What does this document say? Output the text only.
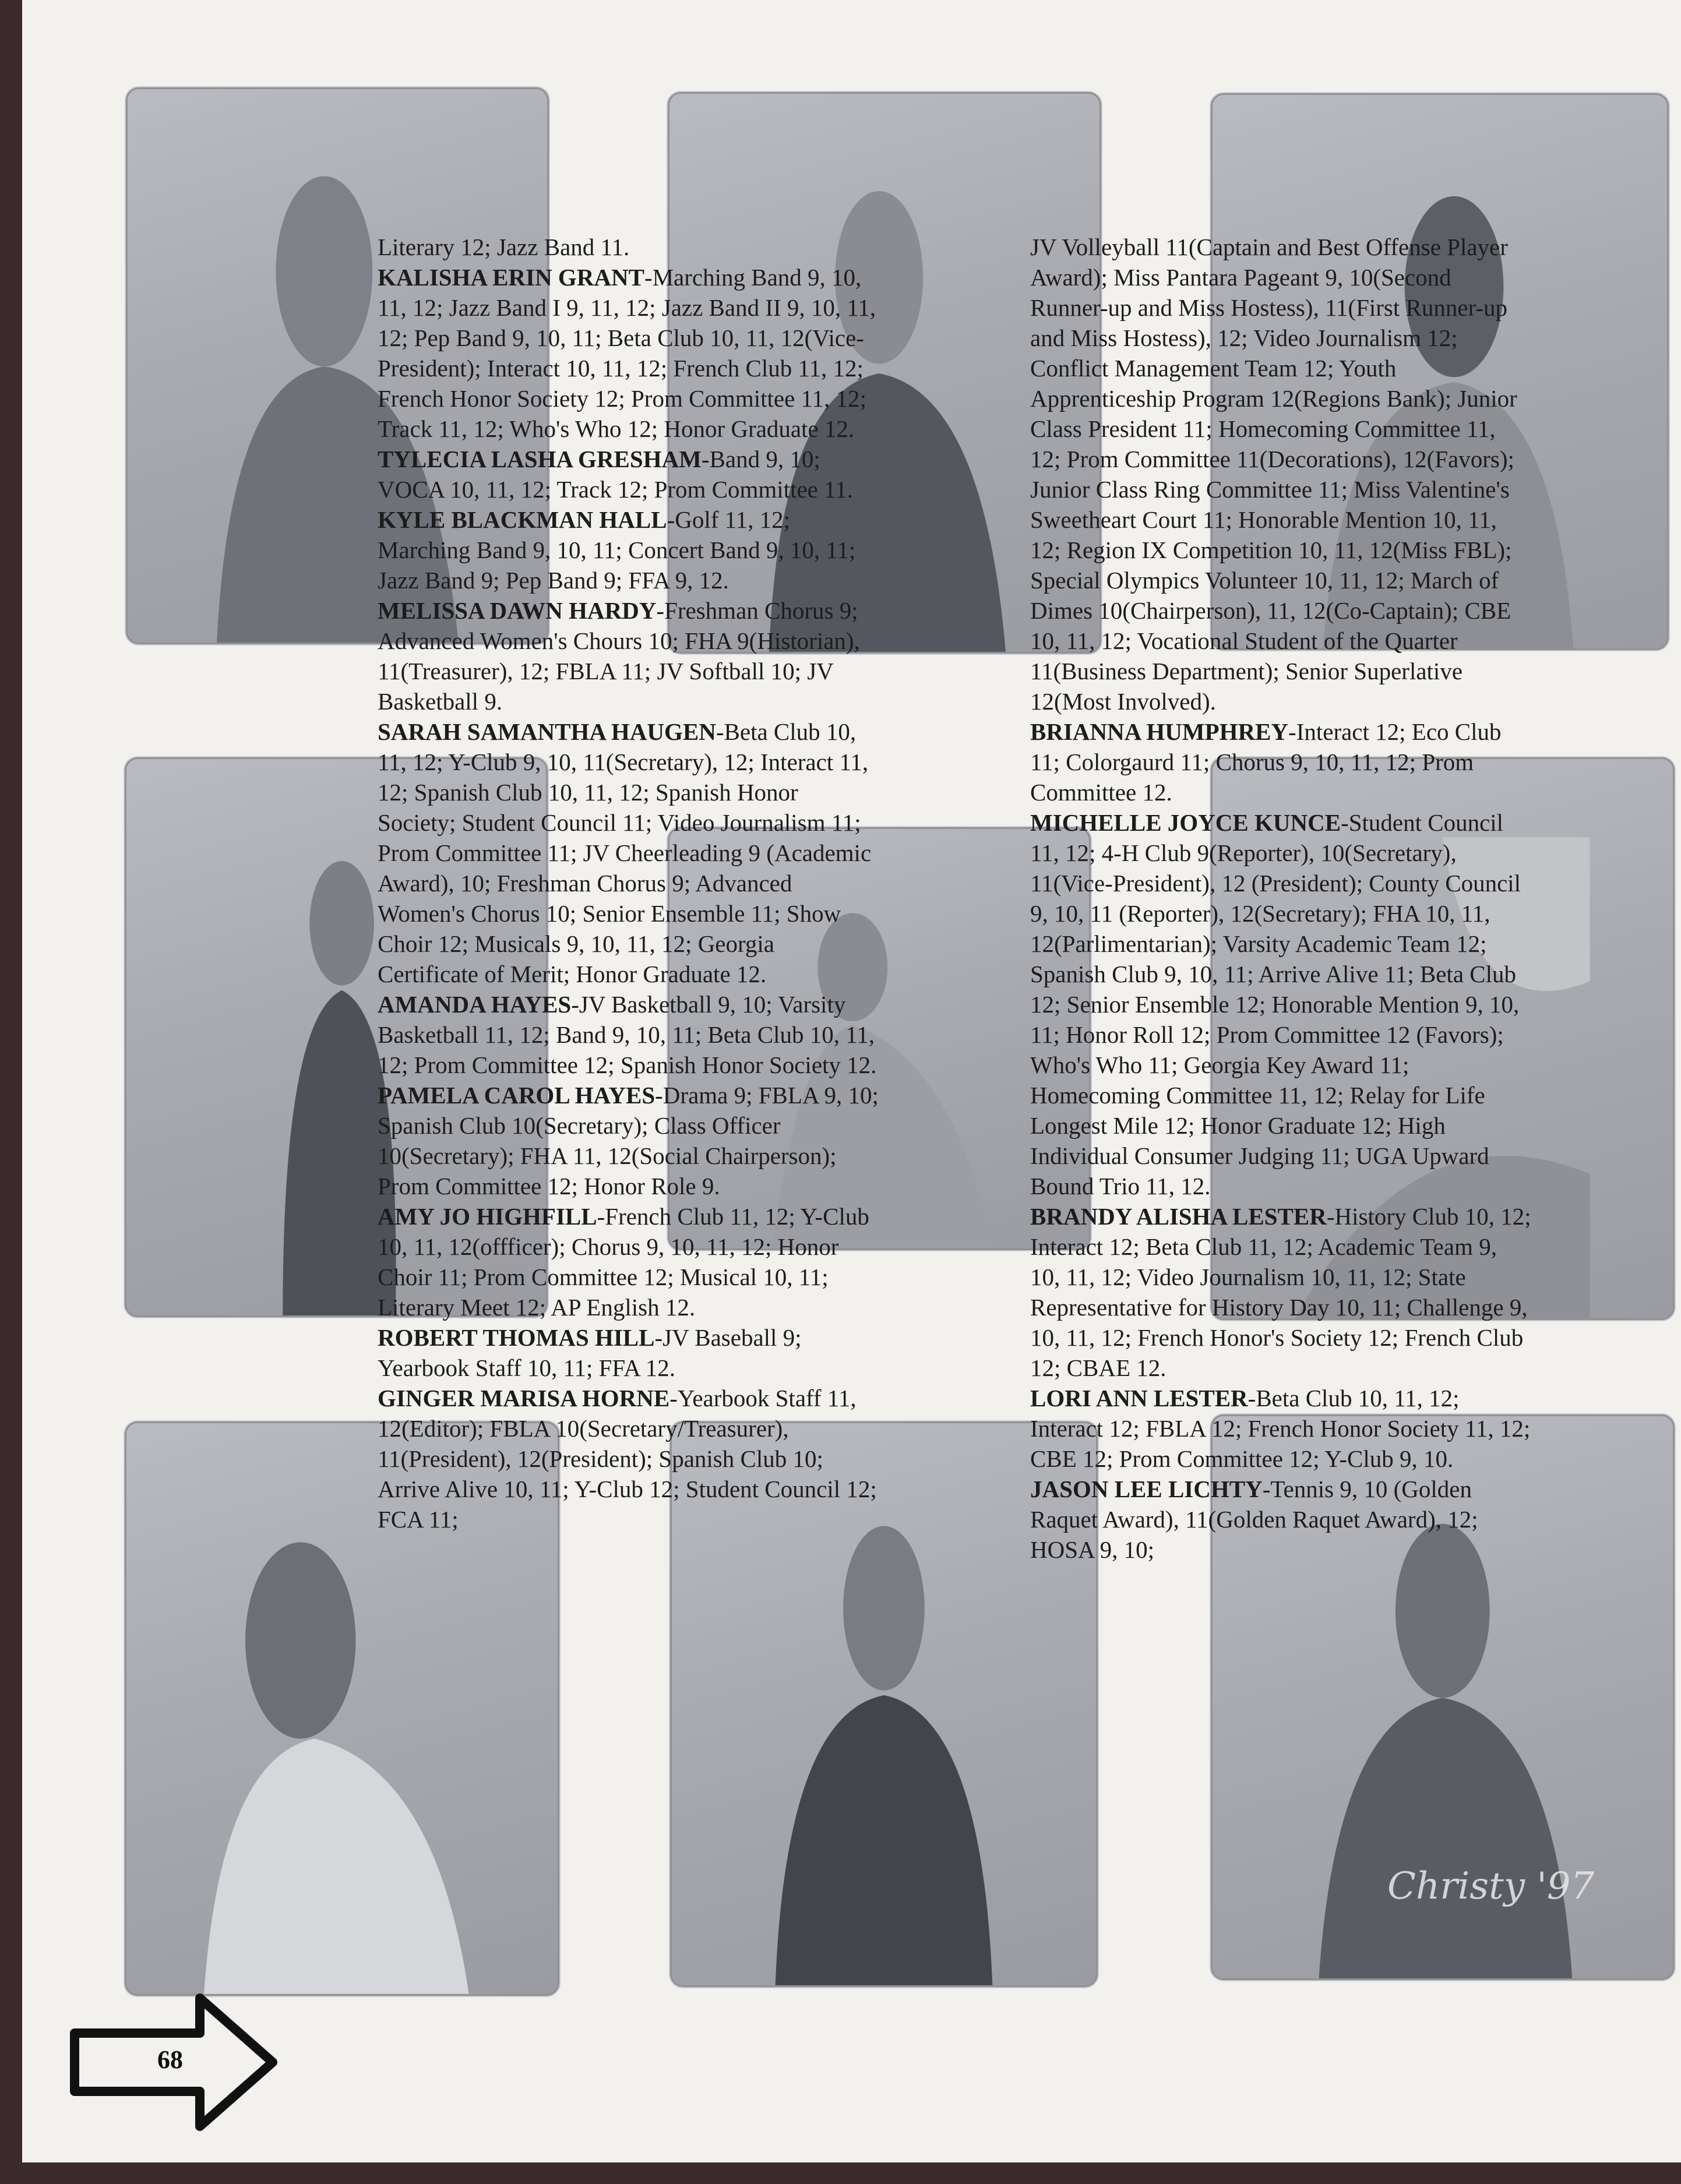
Christy '97

Literary 12; Jazz Band 11.

KALISHA ERIN GRANT-Marching Band 9, 10, 11, 12; Jazz Band I 9, 11, 12; Jazz Band II 9, 10, 11, 12; Pep Band 9, 10, 11; Beta Club 10, 11, 12(Vice-President); Interact 10, 11, 12; French Club 11, 12; French Honor Society 12; Prom Committee 11, 12; Track 11, 12; Who's Who 12; Honor Graduate 12.

TYLECIA LASHA GRESHAM-Band 9, 10; VOCA 10, 11, 12; Track 12; Prom Committee 11.

KYLE BLACKMAN HALL-Golf 11, 12; Marching Band 9, 10, 11; Concert Band 9, 10, 11; Jazz Band 9; Pep Band 9; FFA 9, 12.

MELISSA DAWN HARDY-Freshman Chorus 9; Advanced Women's Chours 10; FHA 9(Historian), 11(Treasurer), 12; FBLA 11; JV Softball 10; JV Basketball 9.

SARAH SAMANTHA HAUGEN-Beta Club 10, 11, 12; Y-Club 9, 10, 11(Secretary), 12; Interact 11, 12; Spanish Club 10, 11, 12; Spanish Honor Society; Student Council 11; Video Journalism 11; Prom Committee 11; JV Cheerleading 9 (Academic Award), 10; Freshman Chorus 9; Advanced Women's Chorus 10; Senior Ensemble 11; Show Choir 12; Musicals 9, 10, 11, 12; Georgia Certificate of Merit; Honor Graduate 12.

AMANDA HAYES-JV Basketball 9, 10; Varsity Basketball 11, 12; Band 9, 10, 11; Beta Club 10, 11, 12; Prom Committee 12; Spanish Honor Society 12.

PAMELA CAROL HAYES-Drama 9; FBLA 9, 10; Spanish Club 10(Secretary); Class Officer 10(Secretary); FHA 11, 12(Social Chairperson); Prom Committee 12; Honor Role 9.

AMY JO HIGHFILL-French Club 11, 12; Y-Club 10, 11, 12(offficer); Chorus 9, 10, 11, 12; Honor Choir 11; Prom Committee 12; Musical 10, 11; Literary Meet 12; AP English 12.

ROBERT THOMAS HILL-JV Baseball 9; Yearbook Staff 10, 11; FFA 12.

GINGER MARISA HORNE-Yearbook Staff 11, 12(Editor); FBLA 10(Secretary/Treasurer), 11(President), 12(President); Spanish Club 10; Arrive Alive 10, 11; Y-Club 12; Student Council 12; FCA 11;

JV Volleyball 11(Captain and Best Offense Player Award); Miss Pantara Pageant 9, 10(Second Runner-up and Miss Hostess), 11(First Runner-up and Miss Hostess), 12; Video Journalism 12; Conflict Management Team 12; Youth Apprenticeship Program 12(Regions Bank); Junior Class President 11; Homecoming Committee 11, 12; Prom Committee 11(Decorations), 12(Favors); Junior Class Ring Committee 11; Miss Valentine's Sweetheart Court 11; Honorable Mention 10, 11, 12; Region IX Competition 10, 11, 12(Miss FBL); Special Olympics Volunteer 10, 11, 12; March of Dimes 10(Chairperson), 11, 12(Co-Captain); CBE 10, 11, 12; Vocational Student of the Quarter 11(Business Department); Senior Superlative 12(Most Involved).

BRIANNA HUMPHREY-Interact 12; Eco Club 11; Colorgaurd 11; Chorus 9, 10, 11, 12; Prom Committee 12.

MICHELLE JOYCE KUNCE-Student Council 11, 12; 4-H Club 9(Reporter), 10(Secretary), 11(Vice-President), 12 (President); County Council 9, 10, 11 (Reporter), 12(Secretary); FHA 10, 11, 12(Parlimentarian); Varsity Academic Team 12; Spanish Club 9, 10, 11; Arrive Alive 11; Beta Club 12; Senior Ensemble 12; Honorable Mention 9, 10, 11; Honor Roll 12; Prom Committee 12 (Favors); Who's Who 11; Georgia Key Award 11; Homecoming Committee 11, 12; Relay for Life Longest Mile 12; Honor Graduate 12; High Individual Consumer Judging 11; UGA Upward Bound Trio 11, 12.

BRANDY ALISHA LESTER-History Club 10, 12; Interact 12; Beta Club 11, 12; Academic Team 9, 10, 11, 12; Video Journalism 10, 11, 12; State Representative for History Day 10, 11; Challenge 9, 10, 11, 12; French Honor's Society 12; French Club 12; CBAE 12.

LORI ANN LESTER-Beta Club 10, 11, 12; Interact 12; FBLA 12; French Honor Society 11, 12; CBE 12; Prom Committee 12; Y-Club 9, 10.

JASON LEE LICHTY-Tennis 9, 10 (Golden Raquet Award), 11(Golden Raquet Award), 12; HOSA 9, 10;

68
